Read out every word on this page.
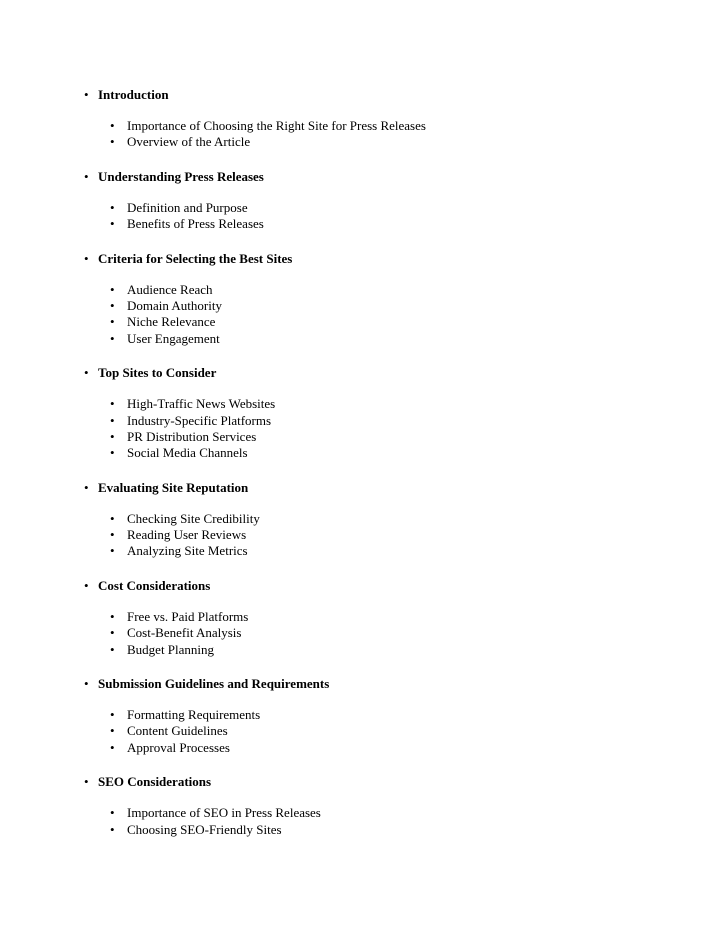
• Introduction
• Importance of Choosing the Right Site for Press Releases
• Overview of the Article
• Understanding Press Releases
• Definition and Purpose
• Benefits of Press Releases
• Criteria for Selecting the Best Sites
• Audience Reach
• Domain Authority
• Niche Relevance
• User Engagement
• Top Sites to Consider
• High-Traffic News Websites
• Industry-Specific Platforms
• PR Distribution Services
• Social Media Channels
• Evaluating Site Reputation
• Checking Site Credibility
• Reading User Reviews
• Analyzing Site Metrics
• Cost Considerations
• Free vs. Paid Platforms
• Cost-Benefit Analysis
• Budget Planning
• Submission Guidelines and Requirements
• Formatting Requirements
• Content Guidelines
• Approval Processes
• SEO Considerations
• Importance of SEO in Press Releases
• Choosing SEO-Friendly Sites
